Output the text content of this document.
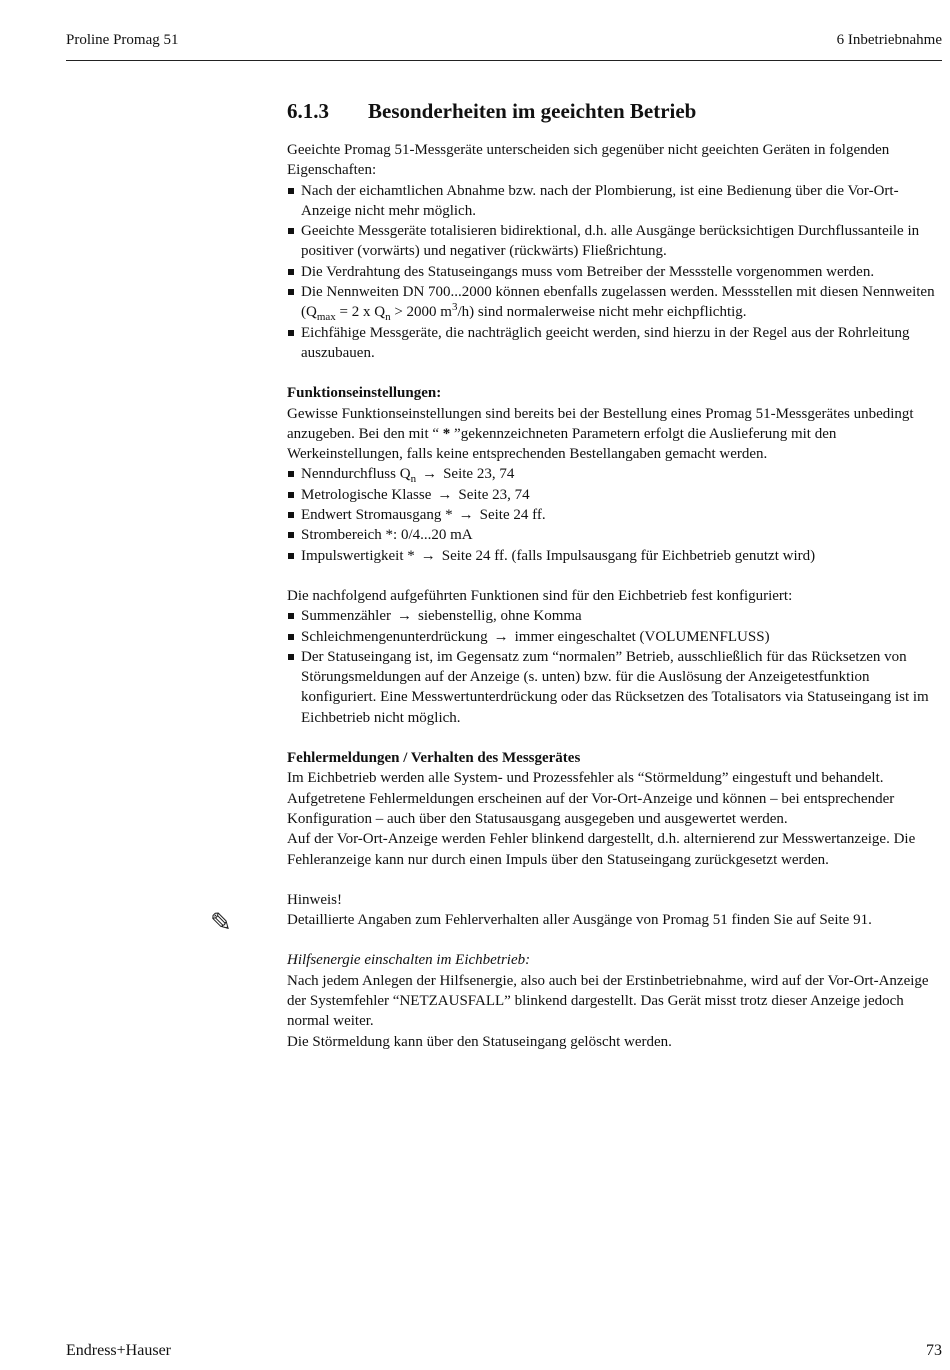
Proline Promag 51	6 Inbetriebnahme
6.1.3 Besonderheiten im geeichten Betrieb

Geeichte Promag 51-Messgeräte unterscheiden sich gegenüber nicht geeichten Geräten in folgenden Eigenschaften:

Nach der eichamtlichen Abnahme bzw. nach der Plombierung, ist eine Bedienung über die Vor-Ort-Anzeige nicht mehr möglich.
Geeichte Messgeräte totalisieren bidirektional, d.h. alle Ausgänge berücksichtigen Durchflussanteile in positiver (vorwärts) und negativer (rückwärts) Fließrichtung.
Die Verdrahtung des Statuseingangs muss vom Betreiber der Messstelle vorgenommen werden.
Die Nennweiten DN 700...2000 können ebenfalls zugelassen werden. Messstellen mit diesen Nennweiten ($Q_{max} = 2$ x $Q_n > 2000$ $m^3/h$) sind normalerweise nicht mehr eichpflichtig.
Eichfähige Messgeräte, die nachträglich geeicht werden, sind hierzu in der Regel aus der Rohrleitung auszubauen.

Funktionseinstellungen:

Gewisse Funktionseinstellungen sind bereits bei der Bestellung eines Promag 51-Messgerätes unbedingt anzugeben. Bei den mit “ * ”gekennzeichneten Parametern erfolgt die Auslieferung mit den Werkeinstellungen, falls keine entsprechenden Bestellangaben gemacht werden.

Nenndurchfluss $Q_n$ → Seite 23, 74
Metrologische Klasse → Seite 23, 74
Endwert Stromausgang * → Seite 24 ff.
Strombereich *: 0/4...20 mA
Impulswertigkeit * → Seite 24 ff. (falls Impulsausgang für Eichbetrieb genutzt wird)

Die nachfolgend aufgeführten Funktionen sind für den Eichbetrieb fest konfiguriert:

Summenzähler → siebenstellig, ohne Komma
Schleichmengenunterdrückung → immer eingeschaltet (VOLUMENFLUSS)
Der Statuseingang ist, im Gegensatz zum “normalen” Betrieb, ausschließlich für das Rücksetzen von Störungsmeldungen auf der Anzeige (s. unten) bzw. für die Auslösung der Anzeigetestfunktion konfiguriert. Eine Messwertunterdrückung oder das Rücksetzen des Totalisators via Statuseingang ist im Eichbetrieb nicht möglich.

Fehlermeldungen / Verhalten des Messgerätes

Im Eichbetrieb werden alle System- und Prozessfehler als “Störmeldung” eingestuft und behandelt. Aufgetretene Fehlermeldungen erscheinen auf der Vor-Ort-Anzeige und können – bei entsprechender Konfiguration – auch über den Statusausgang ausgegeben und ausgewertet werden.

Auf der Vor-Ort-Anzeige werden Fehler blinkend dargestellt, d.h. alternierend zur Messwertanzeige. Die Fehleranzeige kann nur durch einen Impuls über den Statuseingang zurückgesetzt werden.

Hinweis!

Detaillierte Angaben zum Fehlerverhalten aller Ausgänge von Promag 51 finden Sie auf Seite 91.

Hilfsenergie einschalten im Eichbetrieb:

Nach jedem Anlegen der Hilfsenergie, also auch bei der Erstinbetriebnahme, wird auf der Vor-Ort-Anzeige der Systemfehler “NETZAUSFALL” blinkend dargestellt. Das Gerät misst trotz dieser Anzeige jedoch normal weiter.

Die Störmeldung kann über den Statuseingang gelöscht werden.

✎
Endress+Hauser	73
